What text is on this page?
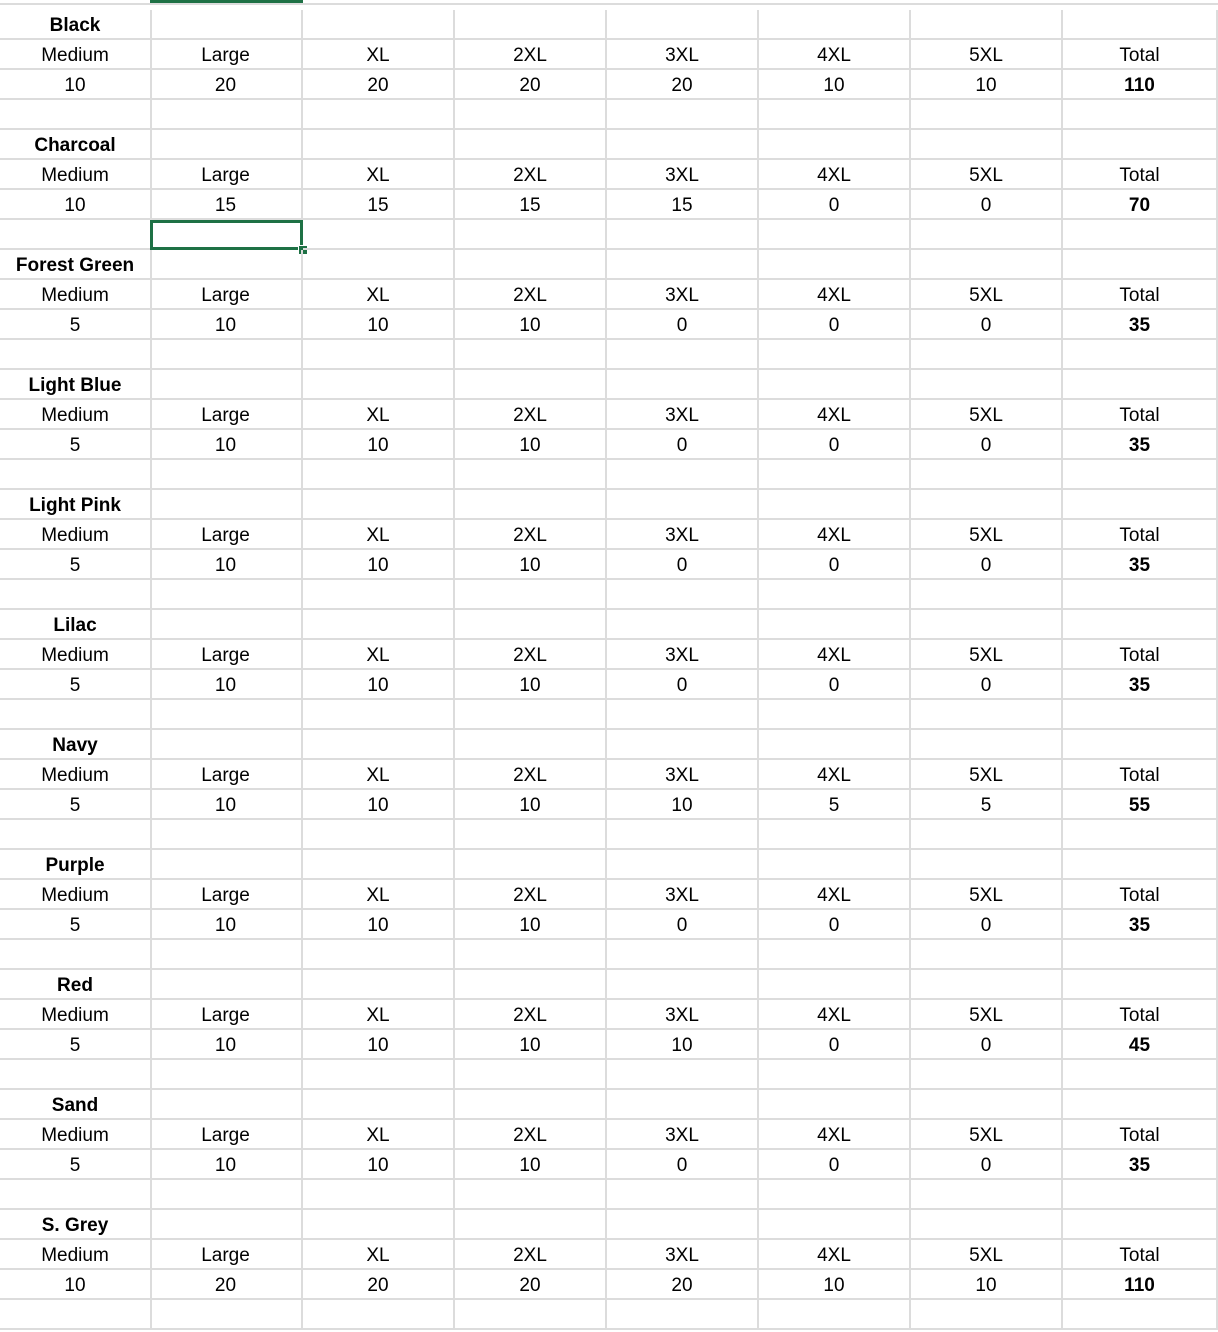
Black
Medium	Large	XL	2XL	3XL	4XL	5XL	Total
10	20	20	20	20	10	10	110
Charcoal
Medium	Large	XL	2XL	3XL	4XL	5XL	Total
10	15	15	15	15	0	0	70
Forest Green
Medium	Large	XL	2XL	3XL	4XL	5XL	Total
5	10	10	10	0	0	0	35
Light Blue
Medium	Large	XL	2XL	3XL	4XL	5XL	Total
5	10	10	10	0	0	0	35
Light Pink
Medium	Large	XL	2XL	3XL	4XL	5XL	Total
5	10	10	10	0	0	0	35
Lilac
Medium	Large	XL	2XL	3XL	4XL	5XL	Total
5	10	10	10	0	0	0	35
Navy
Medium	Large	XL	2XL	3XL	4XL	5XL	Total
5	10	10	10	10	5	5	55
Purple
Medium	Large	XL	2XL	3XL	4XL	5XL	Total
5	10	10	10	0	0	0	35
Red
Medium	Large	XL	2XL	3XL	4XL	5XL	Total
5	10	10	10	10	0	0	45
Sand
Medium	Large	XL	2XL	3XL	4XL	5XL	Total
5	10	10	10	0	0	0	35
S. Grey
Medium	Large	XL	2XL	3XL	4XL	5XL	Total
10	20	20	20	20	10	10	110
